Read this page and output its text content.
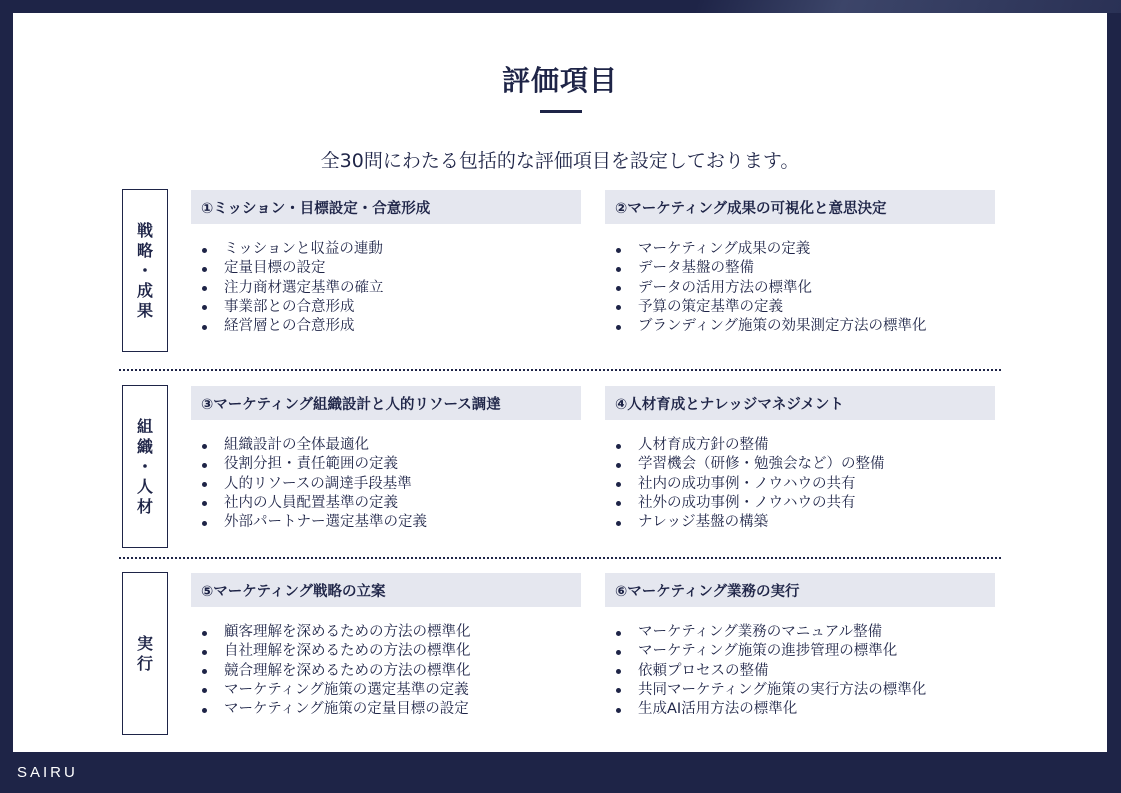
評価項目
全30問にわたる包括的な評価項目を設定しております。
戦
略
・
成
果
①ミッション・目標設定・合意形成
ミッションと収益の連動
定量目標の設定
注力商材選定基準の確立
事業部との合意形成
経営層との合意形成
②マーケティング成果の可視化と意思決定
マーケティング成果の定義
データ基盤の整備
データの活用方法の標準化
予算の策定基準の定義
ブランディング施策の効果測定方法の標準化
組
織
・
人
材
③マーケティング組織設計と人的リソース調達
組織設計の全体最適化
役割分担・責任範囲の定義
人的リソースの調達手段基準
社内の人員配置基準の定義
外部パートナー選定基準の定義
④人材育成とナレッジマネジメント
人材育成方針の整備
学習機会（研修・勉強会など）の整備
社内の成功事例・ノウハウの共有
社外の成功事例・ノウハウの共有
ナレッジ基盤の構築
実
行
⑤マーケティング戦略の立案
顧客理解を深めるための方法の標準化
自社理解を深めるための方法の標準化
競合理解を深めるための方法の標準化
マーケティング施策の選定基準の定義
マーケティング施策の定量目標の設定
⑥マーケティング業務の実行
マーケティング業務のマニュアル整備
マーケティング施策の進捗管理の標準化
依頼プロセスの整備
共同マーケティング施策の実行方法の標準化
生成AI活用方法の標準化
SAIRU
